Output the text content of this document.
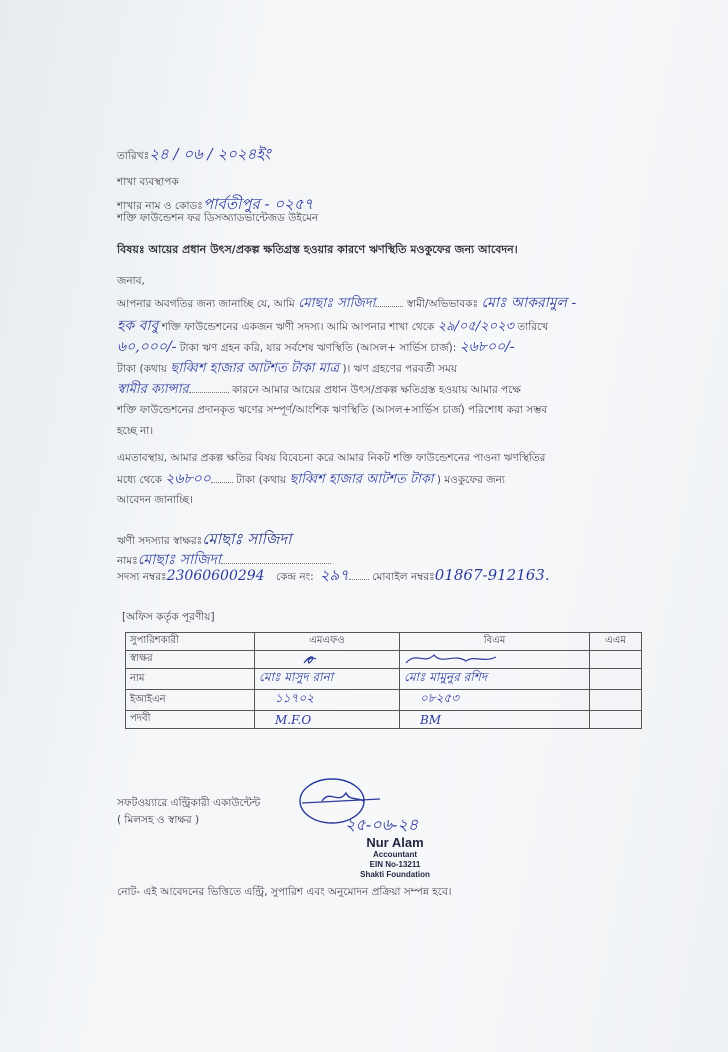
তারিখঃ২৪ / ০৬ / ২০২৪ইং
শাখা ব্যবস্থাপক
শাখার নাম ও কোডঃপার্বতীপুর - ০২৫৭
শক্তি ফাউন্ডেশন ফর ডিসঅ্যাডভান্টেজড উইমেন
বিষয়ঃ আয়ের প্রধান উৎস/প্রকল্প ক্ষতিগ্রস্ত হওয়ার কারণে ঋণস্থিতি মওকুফের জন্য আবেদন।
জনাব,
আপনার অবগতির জন্য জানাচ্ছি যে, আমি মোছাঃ সাজিদা	স্বামী/অভিভাবকঃ মোঃ আকরামুল -
হক বাবু শক্তি ফাউন্ডেশনের একজন ঋণী সদস্য। আমি আপনার শাখা থেকে ২৯/০৫/২০২৩ তারিখে
৬০,০০০/- টাকা ঋণ গ্রহন করি, যার সর্বশেষ ঋণস্থিতি (আসল+ সার্ভিস চার্জ): ২৬৮০০/-
টাকা (কথায় ছাব্বিশ হাজার আটশত টাকা মাত্র )। ঋণ গ্রহণের পরবর্তী সময়
স্বামীর ক্যান্সার	কারনে আমার আয়ের প্রধান উৎস/প্রকল্প ক্ষতিগ্রস্ত হওয়ায় আমার পক্ষে
শক্তি ফাউন্ডেশনের প্রদানকৃত ঋণের সম্পূর্ণ/আংশিক ঋণস্থিতি (আসল+সার্ভিস চার্জ) পরিশোধ করা সম্ভব
হচ্ছে না।
এমতাবস্থায়, আমার প্রকল্প ক্ষতির বিষয় বিবেচনা করে আমার নিকট শক্তি ফাউন্ডেশনের পাওনা ঋণস্থিতির
মধ্যে থেকে ২৬৮০০ টাকা (কথায় ছাব্বিশ হাজার আটশত টাকা ) মওকুফের জন্য
আবেদন জানাচ্ছি।
ঋণী সদস্যার স্বাক্ষরঃমোছাঃ সাজিদা
নামঃমোছাঃ সাজিদা
সদস্য নম্বরঃ23060600294 কেন্দ্র নং: ২৯৭ মোবাইল নম্বরঃ01867-912163.
[অফিস কর্তৃক পূরণীয়]
সুপারিশকারী	এমএফও	বিএম	এএম
স্বাক্ষর			
নাম	মোঃ মাসুদ রানা	মোঃ মামুনুর রশিদ	
ইআইএন	১১৭০২	০৮২৫৩	
পদবী	M.F.O	BM	
সফটওয়্যারে এন্ট্রিকারী একাউন্টেন্ট
( মিলসহ ও স্বাক্ষর )	২৫-০৬-২৪
Nur Alam
Accountant
EIN No-13211
Shakti Foundation
নোট- এই আবেদনের ভিত্তিতে এন্ট্রি, সুপারিশ এবং অনুমোদন প্রক্রিয়া সম্পন্ন হবে।
